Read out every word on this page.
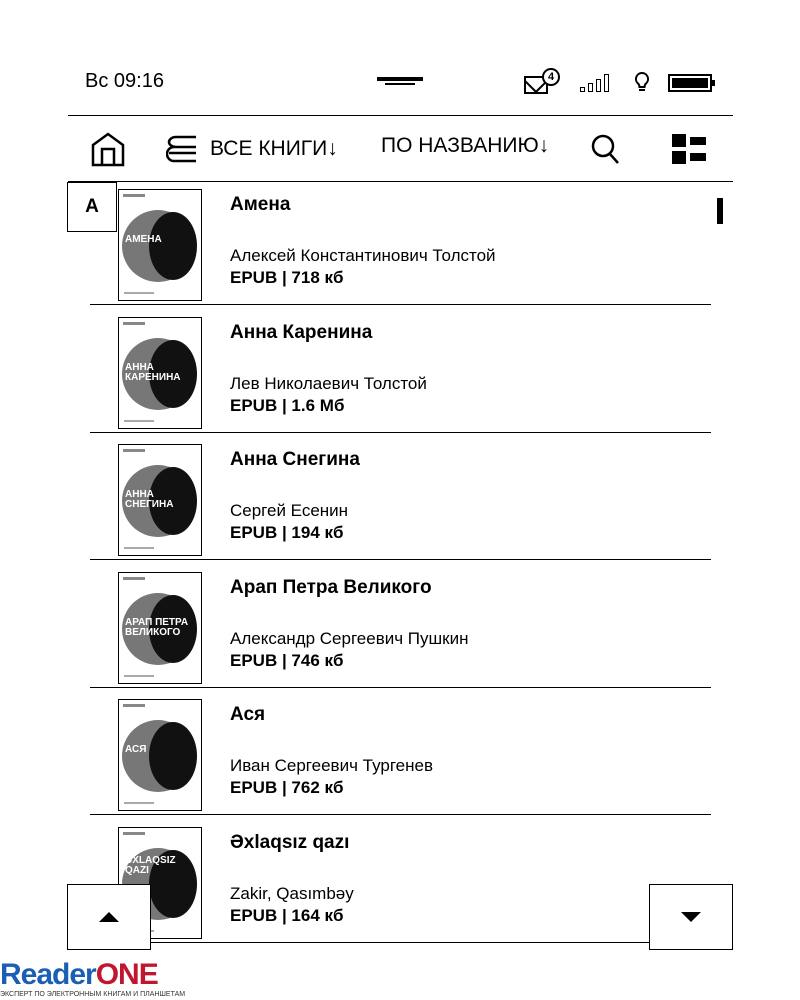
Вс 09:16	4
ВСЕ КНИГИ↓ ПО НАЗВАНИЮ↓
А
АМЕНА
Амена
Алексей Константинович Толстой
EPUB | 718 кб
АННА КАРЕНИНА
Анна Каренина
Лев Николаевич Толстой
EPUB | 1.6 Мб
АННА СНЕГИНА
Анна Снегина
Сергей Есенин
EPUB | 194 кб
АРАП ПЕТРА ВЕЛИКОГО
Арап Петра Великого
Александр Сергеевич Пушкин
EPUB | 746 кб
АСЯ
Ася
Иван Сергеевич Тургенев
EPUB | 762 кб
ƏXLAQSIZ QAZI
Əxlaqsız qazı
Zakir, Qasımbəy
EPUB | 164 кб
ReaderONE
ЭКСПЕРТ ПО ЭЛЕКТРОННЫМ КНИГАМ И ПЛАНШЕТАМ
